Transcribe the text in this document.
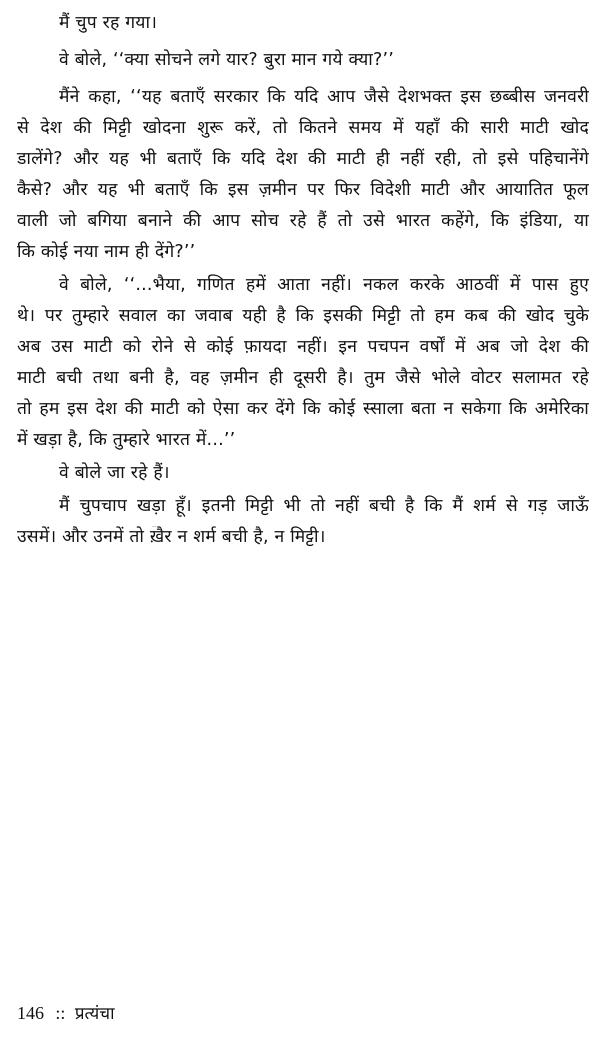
मैं चुप रह गया।
वे बोले, ‘‘क्या सोचने लगे यार? बुरा मान गये क्या?’’
मैंने कहा, ‘‘यह बताएँ सरकार कि यदि आप जैसे देशभक्त इस छब्बीस जनवरी
से देश की मिट्टी खोदना शुरू करें, तो कितने समय में यहाँ की सारी माटी खोद
डालेंगे? और यह भी बताएँ कि यदि देश की माटी ही नहीं रही, तो इसे पहिचानेंगे
कैसे? और यह भी बताएँ कि इस ज़मीन पर फिर विदेशी माटी और आयातित फूल
वाली जो बगिया बनाने की आप सोच रहे हैं तो उसे भारत कहेंगे, कि इंडिया, या
कि कोई नया नाम ही देंगे?’’
वे बोले, ‘‘...भैया, गणित हमें आता नहीं। नकल करके आठवीं में पास हुए
थे। पर तुम्हारे सवाल का जवाब यही है कि इसकी मिट्टी तो हम कब की खोद चुके
अब उस माटी को रोने से कोई फ़ायदा नहीं। इन पचपन वर्षों में अब जो देश की
माटी बची तथा बनी है, वह ज़मीन ही दूसरी है। तुम जैसे भोले वोटर सलामत रहे
तो हम इस देश की माटी को ऐसा कर देंगे कि कोई स्साला बता न सकेगा कि अमेरिका
में खड़ा है, कि तुम्हारे भारत में...’’
वे बोले जा रहे हैं।
मैं चुपचाप खड़ा हूँ। इतनी मिट्टी भी तो नहीं बची है कि मैं शर्म से गड़ जाऊँ
उसमें। और उनमें तो ख़ैर न शर्म बची है, न मिट्टी।
146 :: प्रत्यंचा
